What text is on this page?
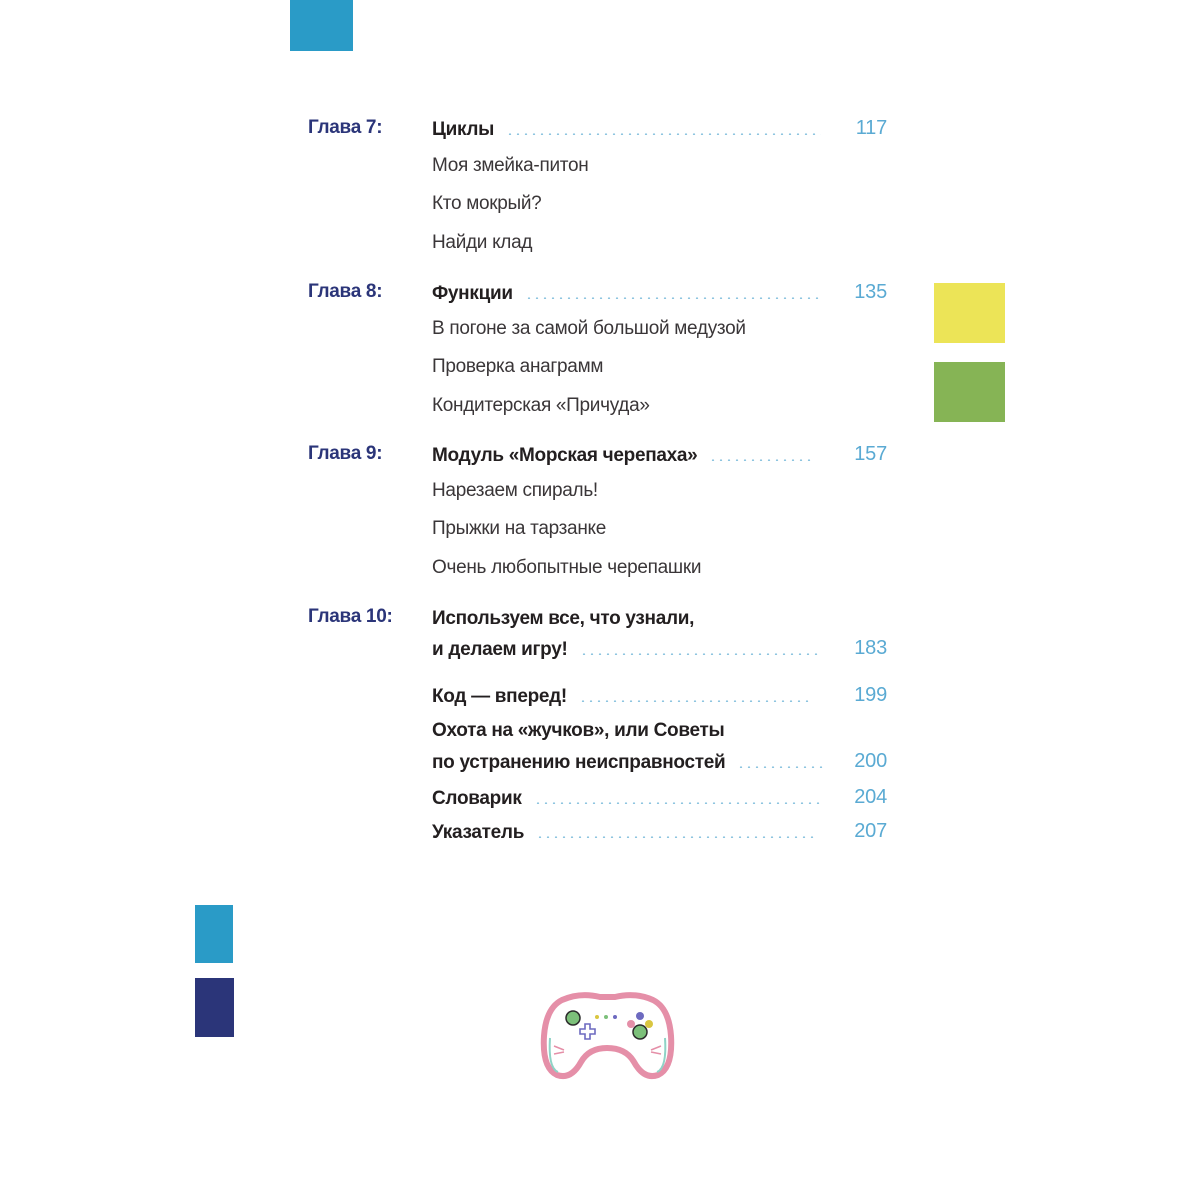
Глава 7:	Циклы	117
Моя змейка-питон
Кто мокрый?
Найди клад
Глава 8:	Функции	135
В погоне за самой большой медузой
Проверка анаграмм
Кондитерская «Причуда»
Глава 9:	Модуль «Морская черепаха»	157
Нарезаем спираль!
Прыжки на тарзанке
Очень любопытные черепашки
Глава 10: Используем все, что узнали,
и делаем игру!	183
Код — вперед!	199
Охота на «жучков», или Советы
по устранению неисправностей	200
Словарик	204
Указатель	207
